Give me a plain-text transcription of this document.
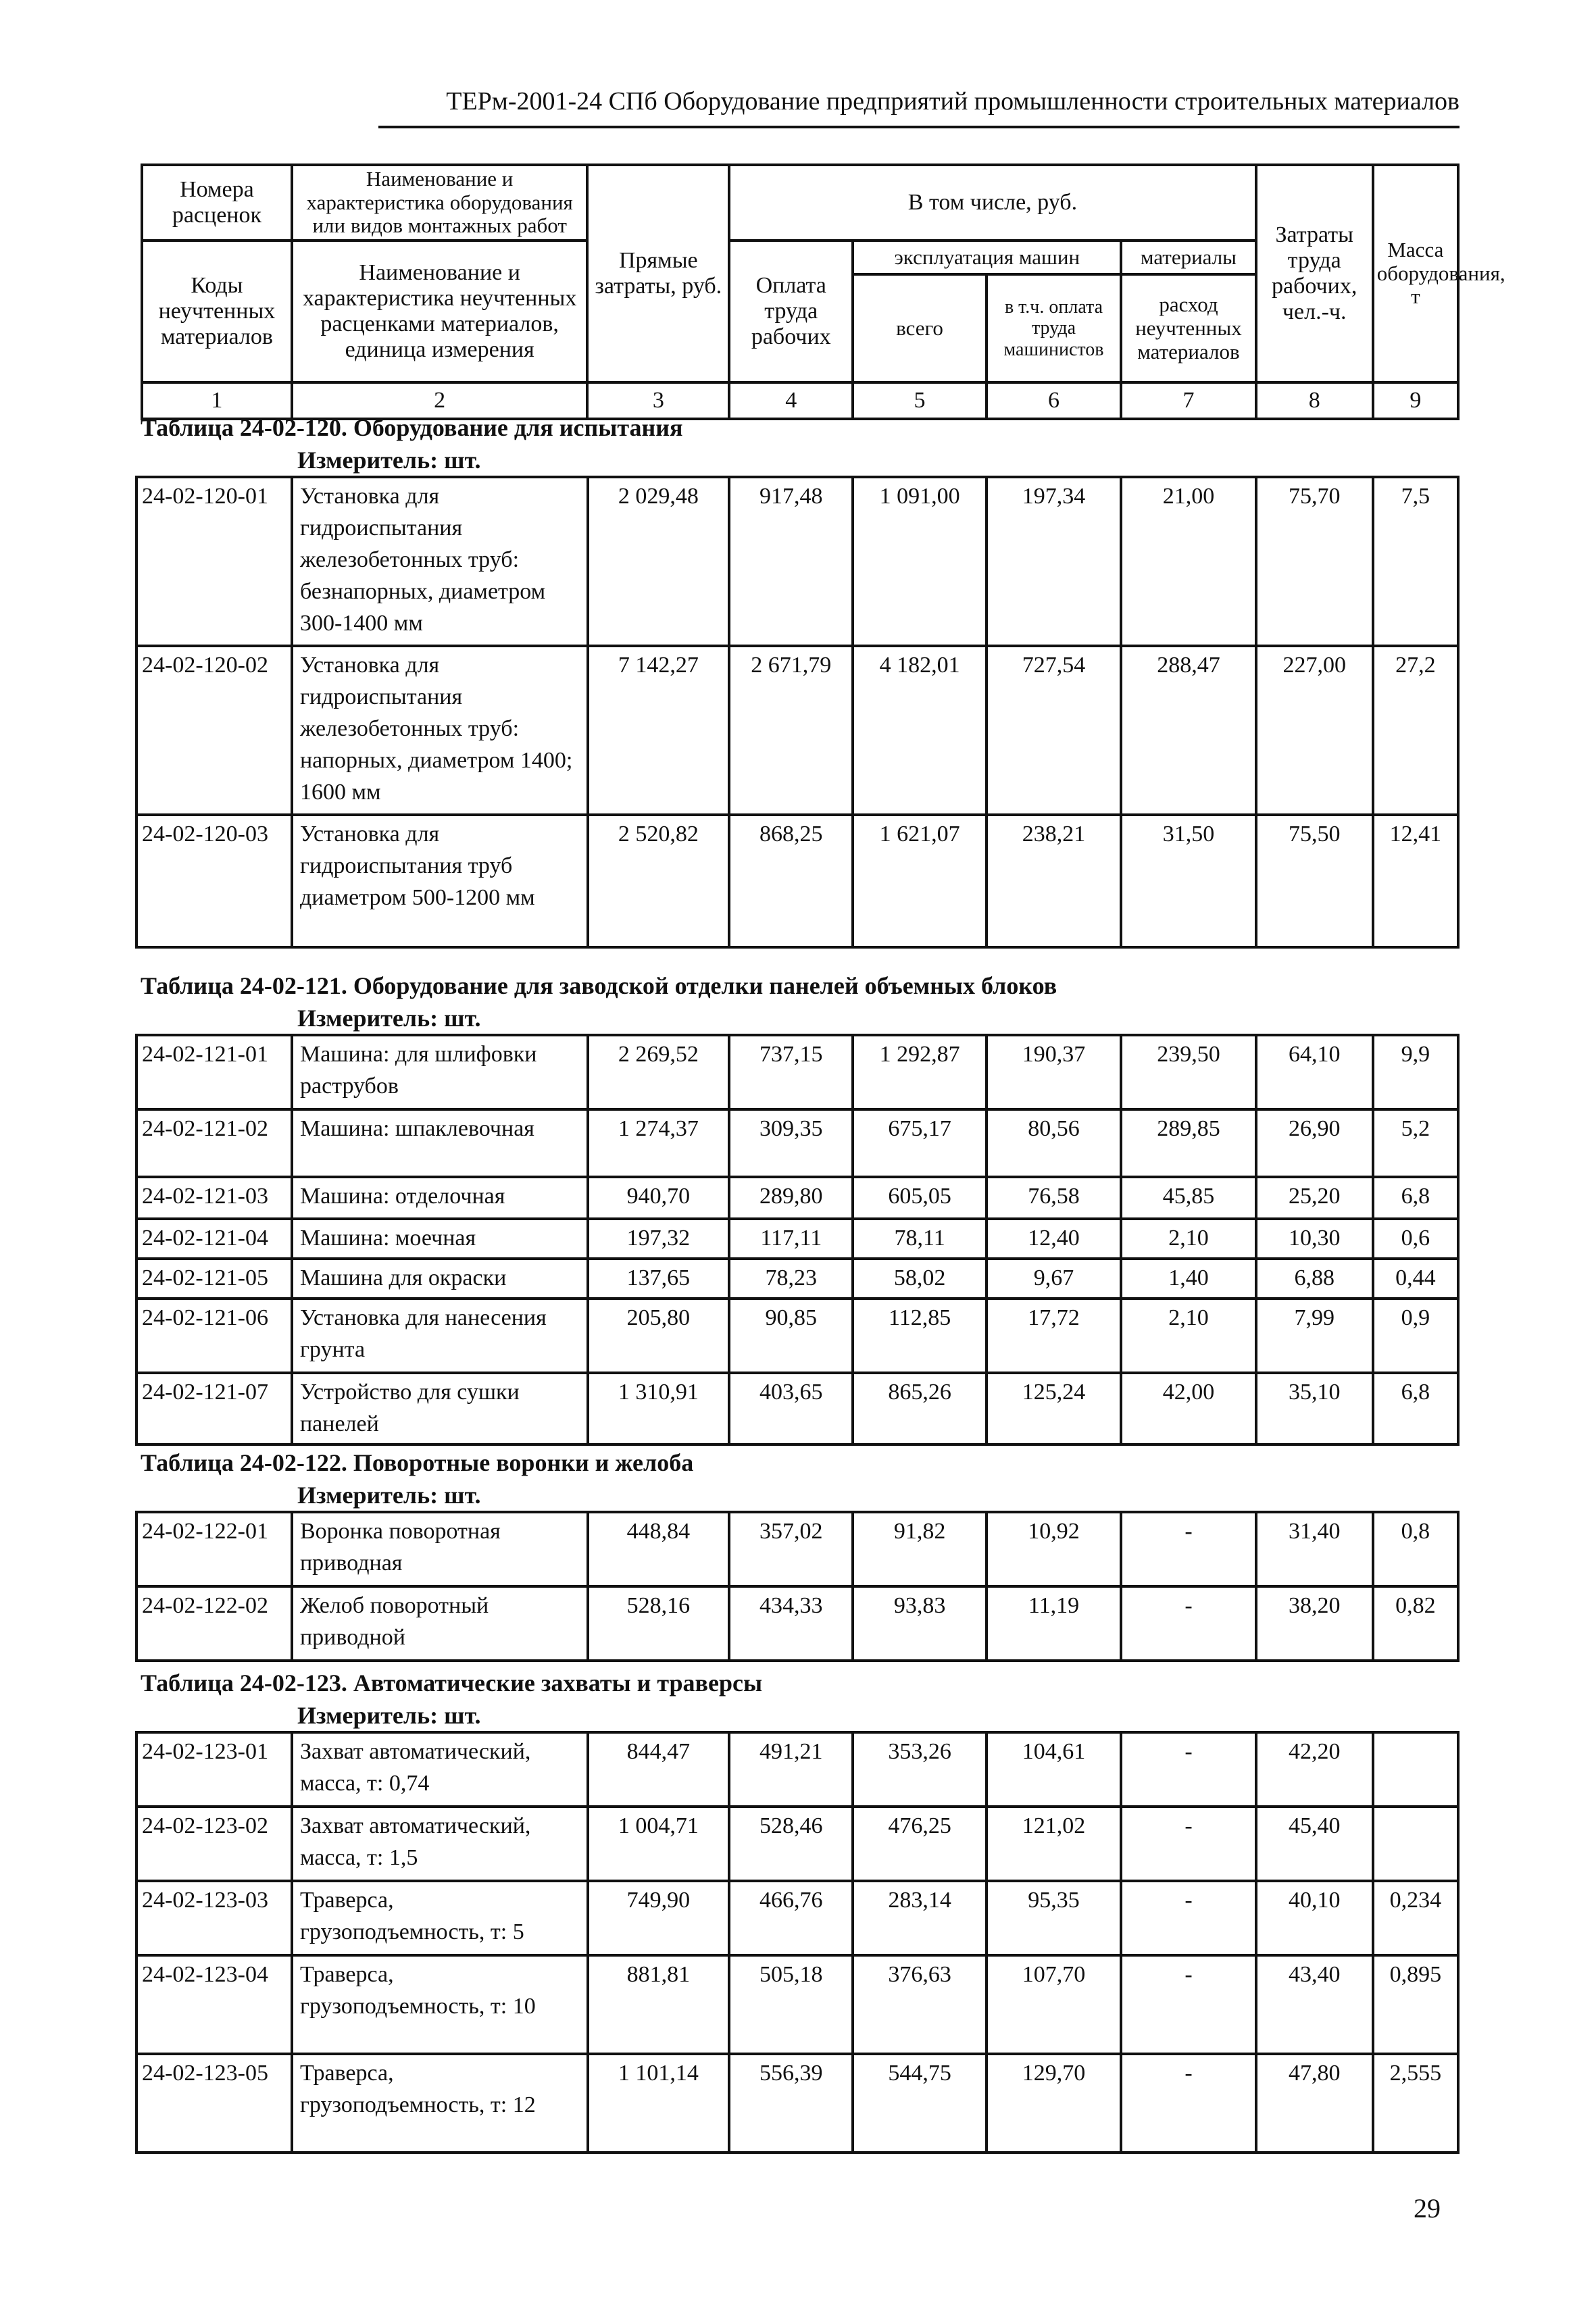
ТЕРм-2001-24 СПб Оборудование предприятий промышленности строительных материалов
Номера расценок	Наименование и характеристика оборудования или видов монтажных работ	Прямые затраты, руб.	В том числе, руб.				Затраты труда рабочих, чел.-ч.	Масса оборудования, т
Коды неучтенных материалов	Наименование и характеристика неучтенных расценками материалов, единица измерения		Оплата труда рабочих	эксплуатация машин		материалы		
				всего	в т.ч. оплата труда машинистов	расход неучтенных материалов		

1	2	3	4	5	6	7	8	9
Таблица 24-02-120. Оборудование для испытания
Измеритель: шт.
24-02-120-01	Установка для гидроиспытания железобетонных труб: безнапорных, диаметром 300-1400 мм	2 029,48	917,48	1 091,00	197,34	21,00	75,70	7,5
24-02-120-02	Установка для гидроиспытания железобетонных труб: напорных, диаметром 1400; 1600 мм	7 142,27	2 671,79	4 182,01	727,54	288,47	227,00	27,2
24-02-120-03	Установка для гидроиспытания труб диаметром 500-1200 мм	2 520,82	868,25	1 621,07	238,21	31,50	75,50	12,41
Таблица 24-02-121. Оборудование для заводской отделки панелей объемных блоков
Измеритель: шт.
24-02-121-01	Машина: для шлифовки раструбов	2 269,52	737,15	1 292,87	190,37	239,50	64,10	9,9
24-02-121-02	Машина: шпаклевочная	1 274,37	309,35	675,17	80,56	289,85	26,90	5,2
24-02-121-03	Машина: отделочная	940,70	289,80	605,05	76,58	45,85	25,20	6,8
24-02-121-04	Машина: моечная	197,32	117,11	78,11	12,40	2,10	10,30	0,6
24-02-121-05	Машина для окраски	137,65	78,23	58,02	9,67	1,40	6,88	0,44
24-02-121-06	Установка для нанесения грунта	205,80	90,85	112,85	17,72	2,10	7,99	0,9
24-02-121-07	Устройство для сушки панелей	1 310,91	403,65	865,26	125,24	42,00	35,10	6,8
Таблица 24-02-122. Поворотные воронки и желоба
Измеритель: шт.
24-02-122-01	Воронка поворотная приводная	448,84	357,02	91,82	10,92	-	31,40	0,8
24-02-122-02	Желоб поворотный приводной	528,16	434,33	93,83	11,19	-	38,20	0,82
Таблица 24-02-123. Автоматические захваты и траверсы
Измеритель: шт.
24-02-123-01	Захват автоматический, масса, т: 0,74	844,47	491,21	353,26	104,61	-	42,20	
24-02-123-02	Захват автоматический, масса, т: 1,5	1 004,71	528,46	476,25	121,02	-	45,40	
24-02-123-03	Траверса, грузоподъемность, т: 5	749,90	466,76	283,14	95,35	-	40,10	0,234
24-02-123-04	Траверса, грузоподъемность, т: 10	881,81	505,18	376,63	107,70	-	43,40	0,895
24-02-123-05	Траверса, грузоподъемность, т: 12	1 101,14	556,39	544,75	129,70	-	47,80	2,555
29
